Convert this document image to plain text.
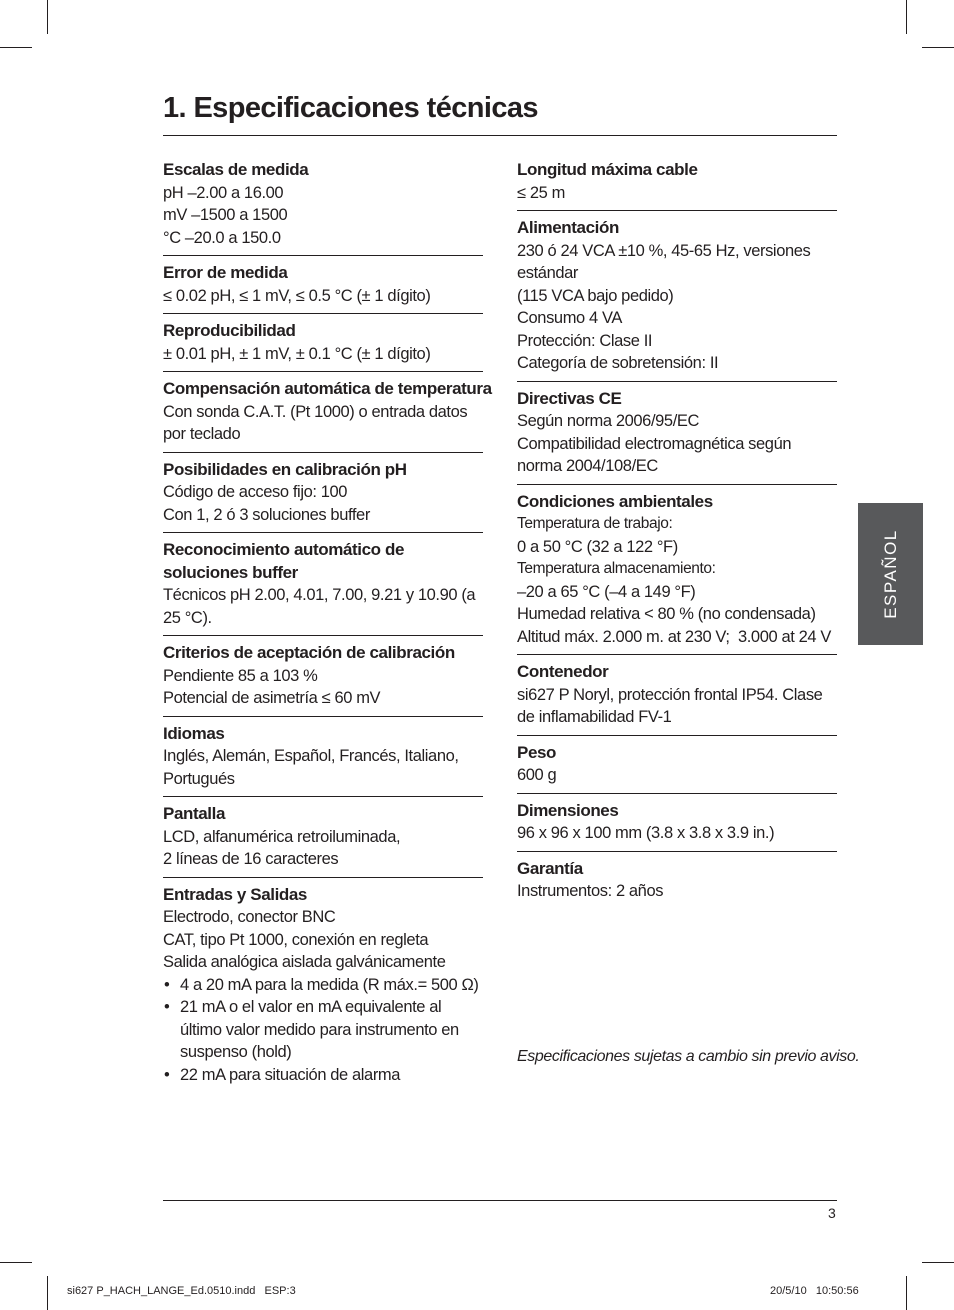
1. Especificaciones técnicas
Escalas de medida
pH –2.00 a 16.00
mV –1500 a 1500
°C –20.0 a 150.0
Error de medida
≤ 0.02 pH, ≤ 1 mV, ≤ 0.5 °C (± 1 dígito)
Reproducibilidad
± 0.01 pH, ± 1 mV, ± 0.1 °C (± 1 dígito)
Compensación automática de temperatura
Con sonda C.A.T. (Pt 1000) o entrada datos por teclado
Posibilidades en calibración pH
Código de acceso fijo: 100
Con 1, 2 ó 3 soluciones buffer
Reconocimiento automático de soluciones buffer
Técnicos pH 2.00, 4.01, 7.00, 9.21 y 10.90 (a 25 °C).
Criterios de aceptación de calibración
Pendiente 85 a 103 %
Potencial de asimetría ≤ 60 mV
Idiomas
Inglés, Alemán, Español, Francés, Italiano, Portugués
Pantalla
LCD, alfanumérica retroiluminada,
2 líneas de 16 caracteres
Entradas y Salidas
Electrodo, conector BNC
CAT, tipo Pt 1000, conexión en regleta
Salida analógica aislada galvánicamente
• 4 a 20 mA para la medida (R máx.= 500 Ω)
• 21 mA o el valor en mA equivalente al último valor medido para instrumento en suspenso (hold)
• 22 mA para situación de alarma
Longitud máxima cable
≤ 25 m
Alimentación
230 ó 24 VCA ±10 %, 45-65 Hz, versiones estándar
(115 VCA bajo pedido)
Consumo 4 VA
Protección: Clase II
Categoría de sobretensión: II
Directivas CE
Según norma 2006/95/EC
Compatibilidad electromagnética según norma 2004/108/EC
Condiciones ambientales
Temperatura de trabajo:
0 a 50 °C (32 a 122 °F)
Temperatura almacenamiento:
–20 a 65 °C (–4 a 149 °F)
Humedad relativa < 80 % (no condensada)
Altitud máx. 2.000 m. at 230 V;  3.000 at 24 V
Contenedor
si627 P Noryl, protección frontal IP54. Clase de inflamabilidad FV-1
Peso
600 g
Dimensiones
96 x 96 x 100 mm (3.8 x 3.8 x 3.9 in.)
Garantía
Instrumentos: 2 años
Especificaciones sujetas a cambio sin previo aviso.
ESPAÑOL
3
si627 P_HACH_LANGE_Ed.0510.indd   ESP:3	20/5/10   10:50:56
